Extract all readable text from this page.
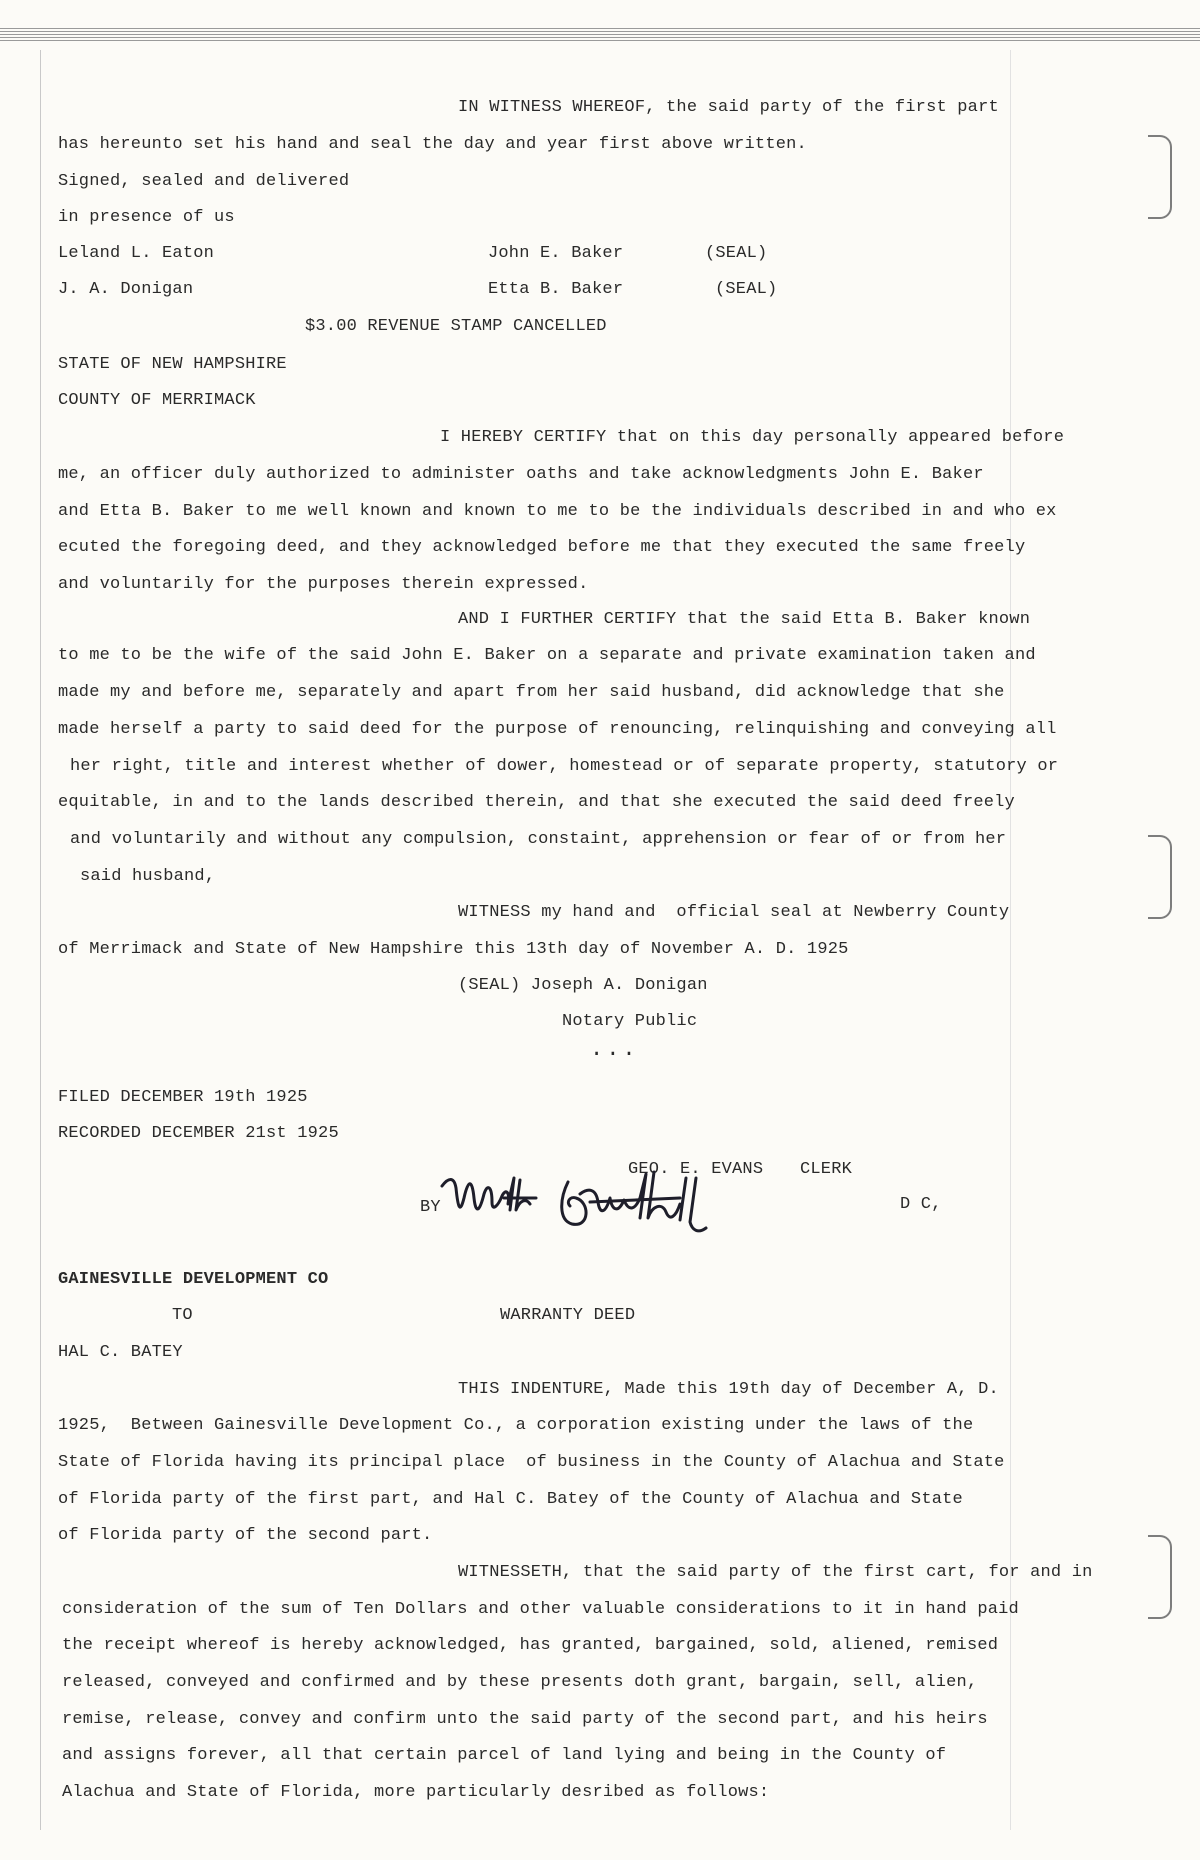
IN WITNESS WHEREOF, the said party of the first part
has hereunto set his hand and seal the day and year first above written.
Signed, sealed and delivered
in presence of us
Leland L. Eaton	John E. Baker	(SEAL)
J. A. Donigan	Etta B. Baker	(SEAL)
$3.00 REVENUE STAMP CANCELLED
STATE OF NEW HAMPSHIRE
COUNTY OF MERRIMACK
I HEREBY CERTIFY that on this day personally appeared before
me, an officer duly authorized to administer oaths and take acknowledgments John E. Baker
and Etta B. Baker to me well known and known to me to be the individuals described in and who ex
ecuted the foregoing deed, and they acknowledged before me that they executed the same freely
and voluntarily for the purposes therein expressed.
AND I FURTHER CERTIFY that the said Etta B. Baker known
to me to be the wife of the said John E. Baker on a separate and private examination taken and
made my and before me, separately and apart from her said husband, did acknowledge that she
made herself a party to said deed for the purpose of renouncing, relinquishing and conveying all
her right, title and interest whether of dower, homestead or of separate property, statutory or
equitable, in and to the lands described therein, and that she executed the said deed freely
and voluntarily and without any compulsion, constaint, apprehension or fear of or from her
said husband,
WITNESS my hand and  official seal at Newberry County
of Merrimack and State of New Hampshire this 13th day of November A. D. 1925
(SEAL) Joseph A. Donigan
Notary Public
...
FILED DECEMBER 19th 1925
RECORDED DECEMBER 21st 1925
GEO. E. EVANS CLERK
BY	D C,
GAINESVILLE DEVELOPMENT CO
TO	WARRANTY DEED
HAL C. BATEY
THIS INDENTURE, Made this 19th day of December A, D.
1925,  Between Gainesville Development Co., a corporation existing under the laws of the
State of Florida having its principal place  of business in the County of Alachua and State
of Florida party of the first part, and Hal C. Batey of the County of Alachua and State
of Florida party of the second part.
WITNESSETH, that the said party of the first cart, for and in
consideration of the sum of Ten Dollars and other valuable considerations to it in hand paid
the receipt whereof is hereby acknowledged, has granted, bargained, sold, aliened, remised
released, conveyed and confirmed and by these presents doth grant, bargain, sell, alien,
remise, release, convey and confirm unto the said party of the second part, and his heirs
and assigns forever, all that certain parcel of land lying and being in the County of
Alachua and State of Florida, more particularly desribed as follows:
